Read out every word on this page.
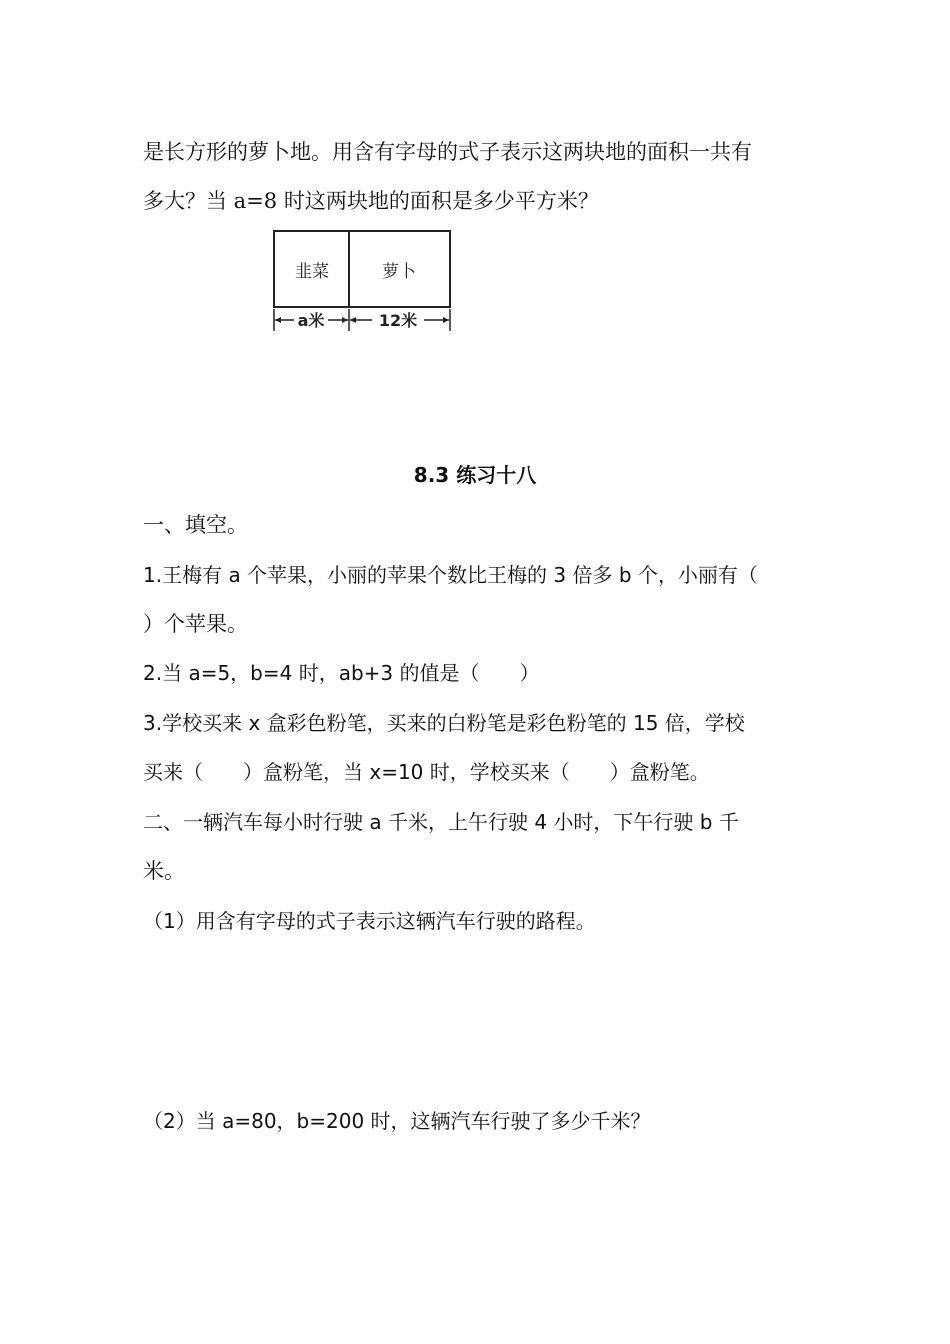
是长方形的萝卜地。用含有字母的式子表示这两块地的面积一共有
多大？当 a=8 时这两块地的面积是多少平方米？
韭菜	萝卜
a米	12米
8.3 练习十八
一、填空。
1.王梅有 a 个苹果，小丽的苹果个数比王梅的 3 倍多 b 个，小丽有（
）个苹果。
2.当 a=5，b=4 时，ab+3 的值是（　　）
3.学校买来 x 盒彩色粉笔，买来的白粉笔是彩色粉笔的 15 倍，学校
买来（　　）盒粉笔，当 x=10 时，学校买来（　　）盒粉笔。
二、一辆汽车每小时行驶 a 千米，上午行驶 4 小时，下午行驶 b 千
米。
（1）用含有字母的式子表示这辆汽车行驶的路程。
（2）当 a=80，b=200 时，这辆汽车行驶了多少千米？
